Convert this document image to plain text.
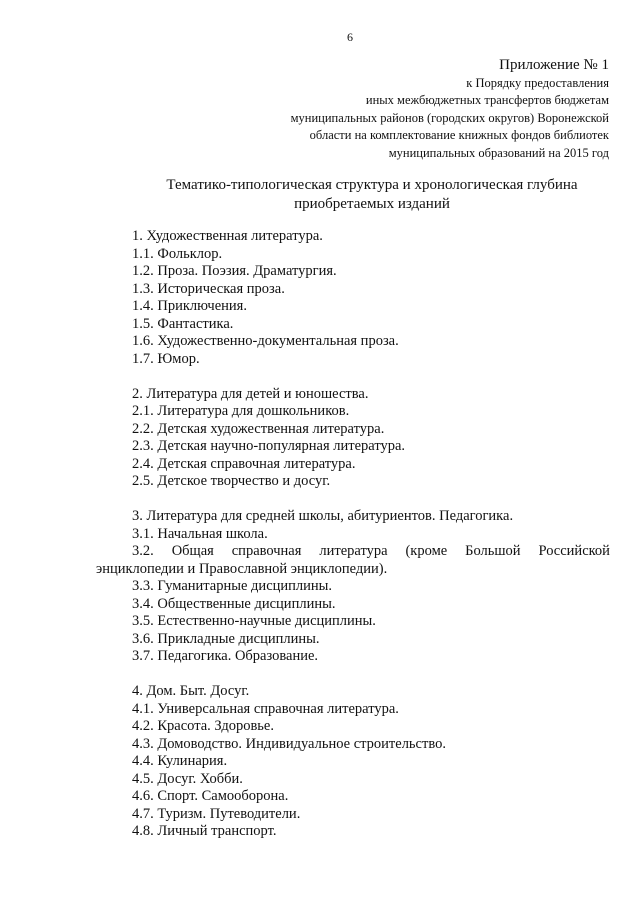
6
Приложение № 1
к Порядку предоставления
иных межбюджетных трансфертов бюджетам
муниципальных районов (городских округов) Воронежской
области на комплектование книжных фондов библиотек
муниципальных образований на 2015 год
Тематико-типологическая структура и хронологическая глубина
приобретаемых изданий
1. Художественная литература.
1.1. Фольклор.
1.2. Проза. Поэзия. Драматургия.
1.3. Историческая проза.
1.4. Приключения.
1.5. Фантастика.
1.6. Художественно-документальная проза.
1.7. Юмор.
2. Литература для детей и юношества.
2.1. Литература для дошкольников.
2.2. Детская художественная литература.
2.3. Детская научно-популярная литература.
2.4. Детская справочная литература.
2.5. Детское творчество и досуг.
3. Литература для средней школы, абитуриентов. Педагогика.
3.1. Начальная школа.
3.2. Общая справочная литература (кроме Большой Российской
энциклопедии и Православной энциклопедии).
3.3. Гуманитарные дисциплины.
3.4. Общественные дисциплины.
3.5. Естественно-научные дисциплины.
3.6. Прикладные дисциплины.
3.7. Педагогика. Образование.
4. Дом. Быт. Досуг.
4.1. Универсальная справочная литература.
4.2. Красота. Здоровье.
4.3. Домоводство. Индивидуальное строительство.
4.4. Кулинария.
4.5. Досуг. Хобби.
4.6. Спорт. Самооборона.
4.7. Туризм. Путеводители.
4.8. Личный транспорт.
